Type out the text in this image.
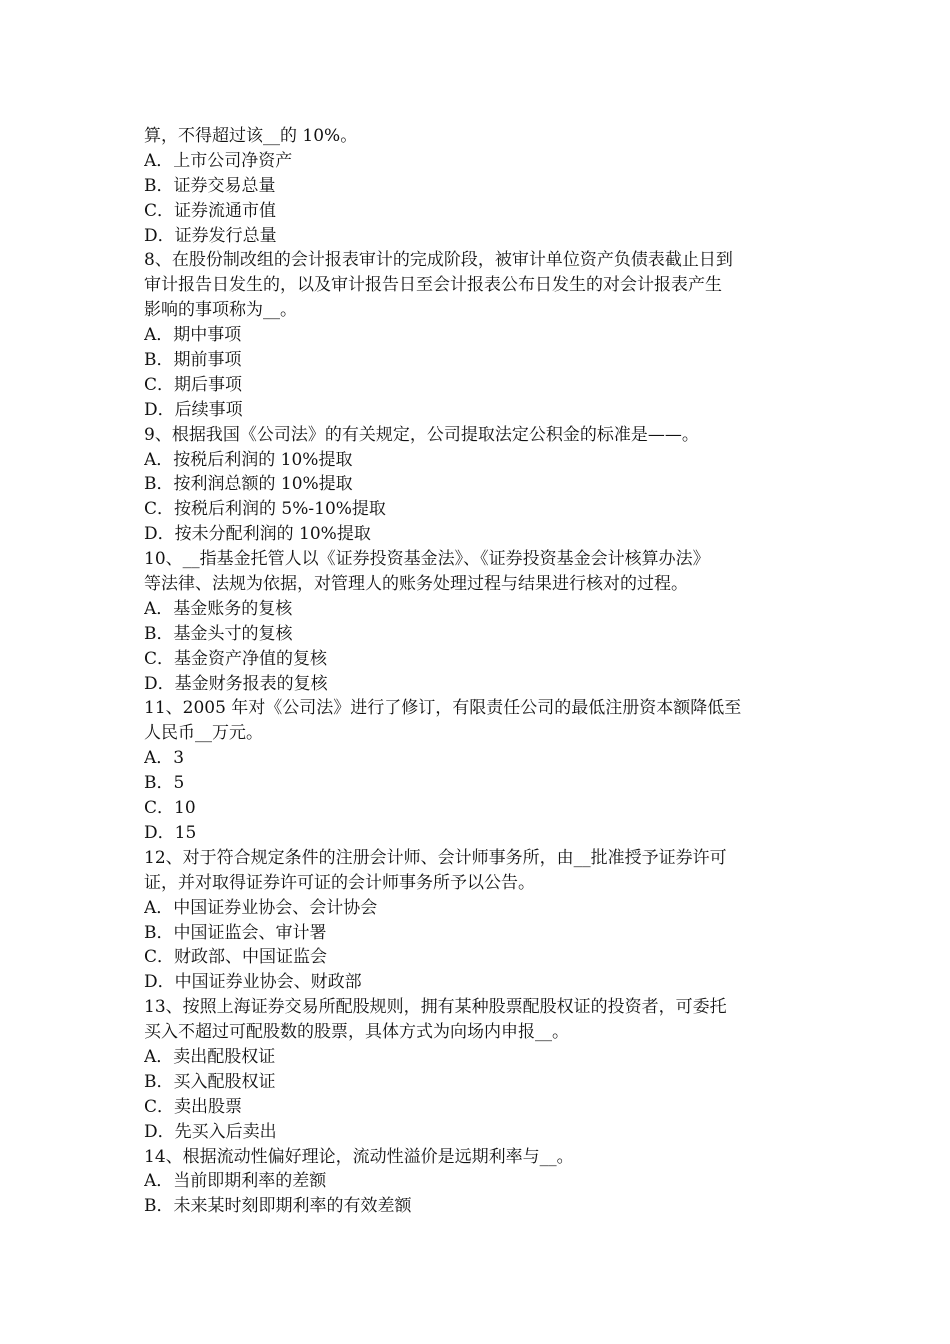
算，不得超过该__的 10%。
A．上市公司净资产
B．证券交易总量
C．证券流通市值
D．证券发行总量
8、在股份制改组的会计报表审计的完成阶段，被审计单位资产负债表截止日到
审计报告日发生的，以及审计报告日至会计报表公布日发生的对会计报表产生
影响的事项称为__。
A．期中事项
B．期前事项
C．期后事项
D．后续事项
9、根据我国《公司法》的有关规定，公司提取法定公积金的标准是——。
A．按税后利润的 10%提取
B．按利润总额的 10%提取
C．按税后利润的 5%-10%提取
D．按未分配利润的 10%提取
10、__指基金托管人以《证券投资基金法》、《证券投资基金会计核算办法》
等法律、法规为依据，对管理人的账务处理过程与结果进行核对的过程。
A．基金账务的复核
B．基金头寸的复核
C．基金资产净值的复核
D．基金财务报表的复核
11、2005 年对《公司法》进行了修订，有限责任公司的最低注册资本额降低至
人民币__万元。
A．3
B．5
C．10
D．15
12、对于符合规定条件的注册会计师、会计师事务所，由__批准授予证券许可
证，并对取得证券许可证的会计师事务所予以公告。
A．中国证券业协会、会计协会
B．中国证监会、审计署
C．财政部、中国证监会
D．中国证券业协会、财政部
13、按照上海证券交易所配股规则，拥有某种股票配股权证的投资者，可委托
买入不超过可配股数的股票，具体方式为向场内申报__。
A．卖出配股权证
B．买入配股权证
C．卖出股票
D．先买入后卖出
14、根据流动性偏好理论，流动性溢价是远期利率与__。
A．当前即期利率的差额
B．未来某时刻即期利率的有效差额
